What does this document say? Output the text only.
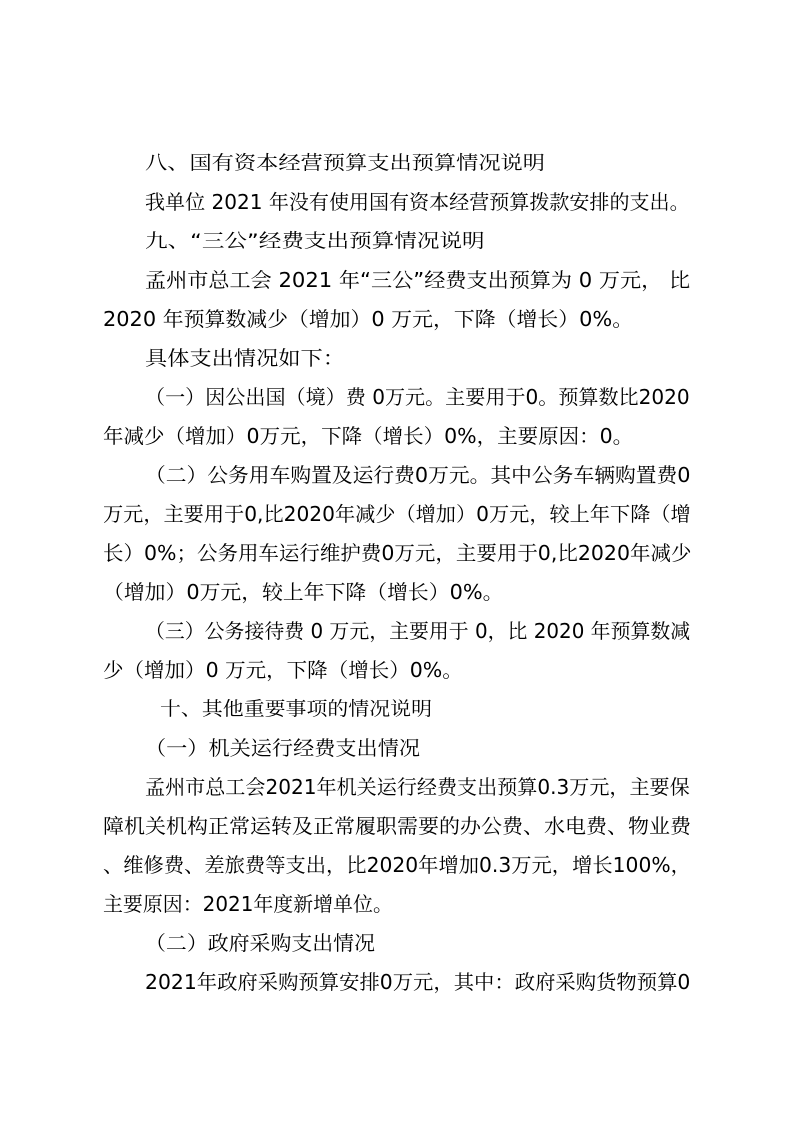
八、国有资本经营预算支出预算情况说明
我单位 2021 年没有使用国有资本经营预算拨款安排的支出。
九、“三公”经费支出预算情况说明
孟州市总工会 2021 年“三公”经费支出预算为 0 万元， 比
2020 年预算数减少（增加）0 万元，下降（增长）0%。
具体支出情况如下：
（一）因公出国（境）费 0万元。主要用于0。预算数比2020
年减少（增加）0万元，下降（增长）0%，主要原因：0。
（二）公务用车购置及运行费0万元。其中公务车辆购置费0
万元，主要用于0,比2020年减少（增加）0万元，较上年下降（增
长）0%；公务用车运行维护费0万元，主要用于0,比2020年减少
（增加）0万元，较上年下降（增长）0%。
（三）公务接待费 0 万元，主要用于 0，比 2020 年预算数减
少（增加）0 万元，下降（增长）0%。
十、其他重要事项的情况说明
（一）机关运行经费支出情况
孟州市总工会2021年机关运行经费支出预算0.3万元，主要保
障机关机构正常运转及正常履职需要的办公费、水电费、物业费
、维修费、差旅费等支出，比2020年增加0.3万元，增长100%，
主要原因：2021年度新增单位。
（二）政府采购支出情况
2021年政府采购预算安排0万元，其中：政府采购货物预算0
